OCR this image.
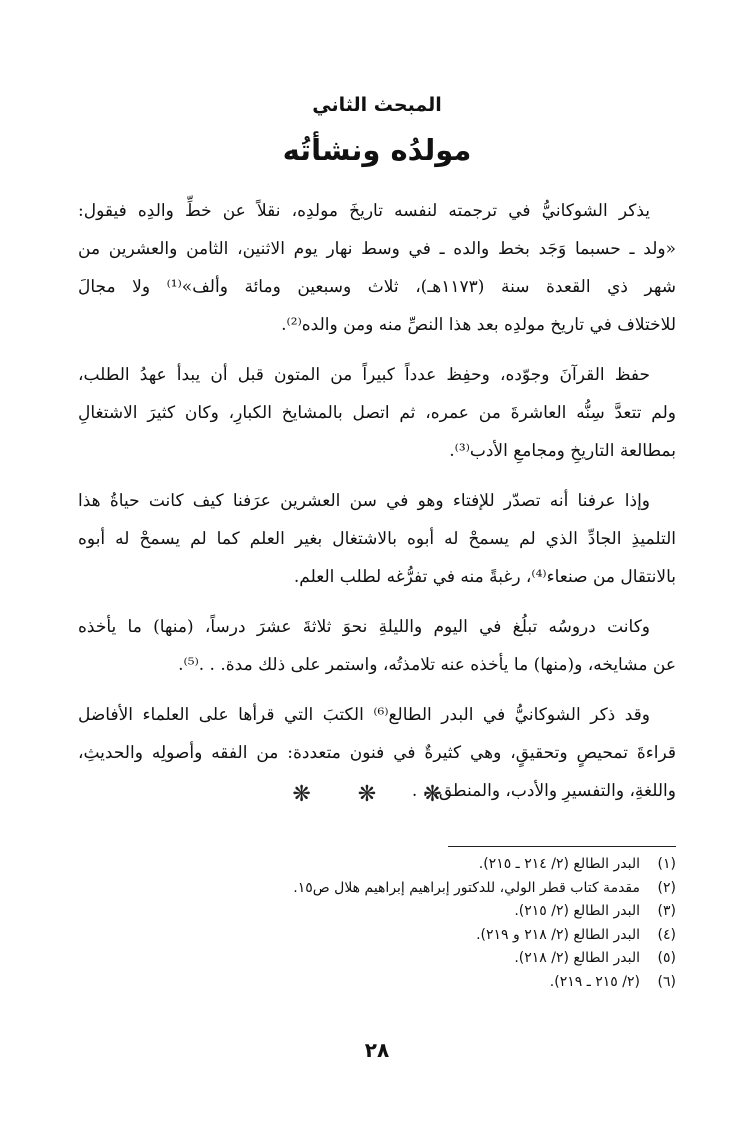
المبحث الثاني
مولدُه ونشأتُه

يذكر الشوكانيُّ في ترجمته لنفسه تاريخَ مولدِه، نقلاً عن خطِّ والدِه فيقول:
«ولد ـ حسبما وَجَد بخط والده ـ في وسط نهار يوم الاثنين، الثامن والعشرين من
شهر ذي القعدة سنة (١١٧٣هـ)، ثلاث وسبعين ومائة وألف»⁽¹⁾ ولا مجالَ
للاختلاف في تاريخ مولدِه بعد هذا النصِّ منه ومن والده⁽²⁾.

حفظ القرآنَ وجوّده، وحفِظ عدداً كبيراً من المتون قبل أن يبدأ عهدُ الطلب،
ولم تتعدَّ سِنُّه العاشرةَ من عمره، ثم اتصل بالمشايخ الكبارِ، وكان كثيرَ الاشتغالِ
بمطالعة التاريخِ ومجامعِ الأدب⁽³⁾.

وإذا عرفنا أنه تصدّر للإفتاء وهو في سن العشرين عرَفنا كيف كانت حياةُ هذا
التلميذِ الجادِّ الذي لم يسمحْ له أبوه بالاشتغال بغير العلم كما لم يسمحْ له أبوه
بالانتقال من صنعاء⁽⁴⁾، رغبةً منه في تفرُّغه لطلب العلم.

وكانت دروسُه تبلُغ في اليوم والليلةِ نحوَ ثلاثةَ عشرَ درساً، (منها) ما يأخذه
عن مشايخه، و(منها) ما يأخذه عنه تلامذتُه، واستمر على ذلك مدة. . .⁽⁵⁾.

وقد ذكر الشوكانيُّ في البدر الطالع⁽⁶⁾ الكتبَ التي قرأها على العلماء الأفاضل
قراءةَ تمحيصٍ وتحقيقٍ، وهي كثيرةٌ في فنون متعددة: من الفقه وأصولِه والحديثِ،
واللغةِ، والتفسيرِ والأدب، والمنطق. . .

❋ ❋ ❋
(١)البدر الطالع (٢/ ٢١٤ ـ ٢١٥).
(٢)مقدمة كتاب قطر الولي، للدكتور إبراهيم إبراهيم هلال ص١٥.
(٣)البدر الطالع (٢/ ٢١٥).
(٤)البدر الطالع (٢/ ٢١٨ و ٢١٩).
(٥)البدر الطالع (٢/ ٢١٨).
(٦)(٢/ ٢١٥ ـ ٢١٩).
٢٨
